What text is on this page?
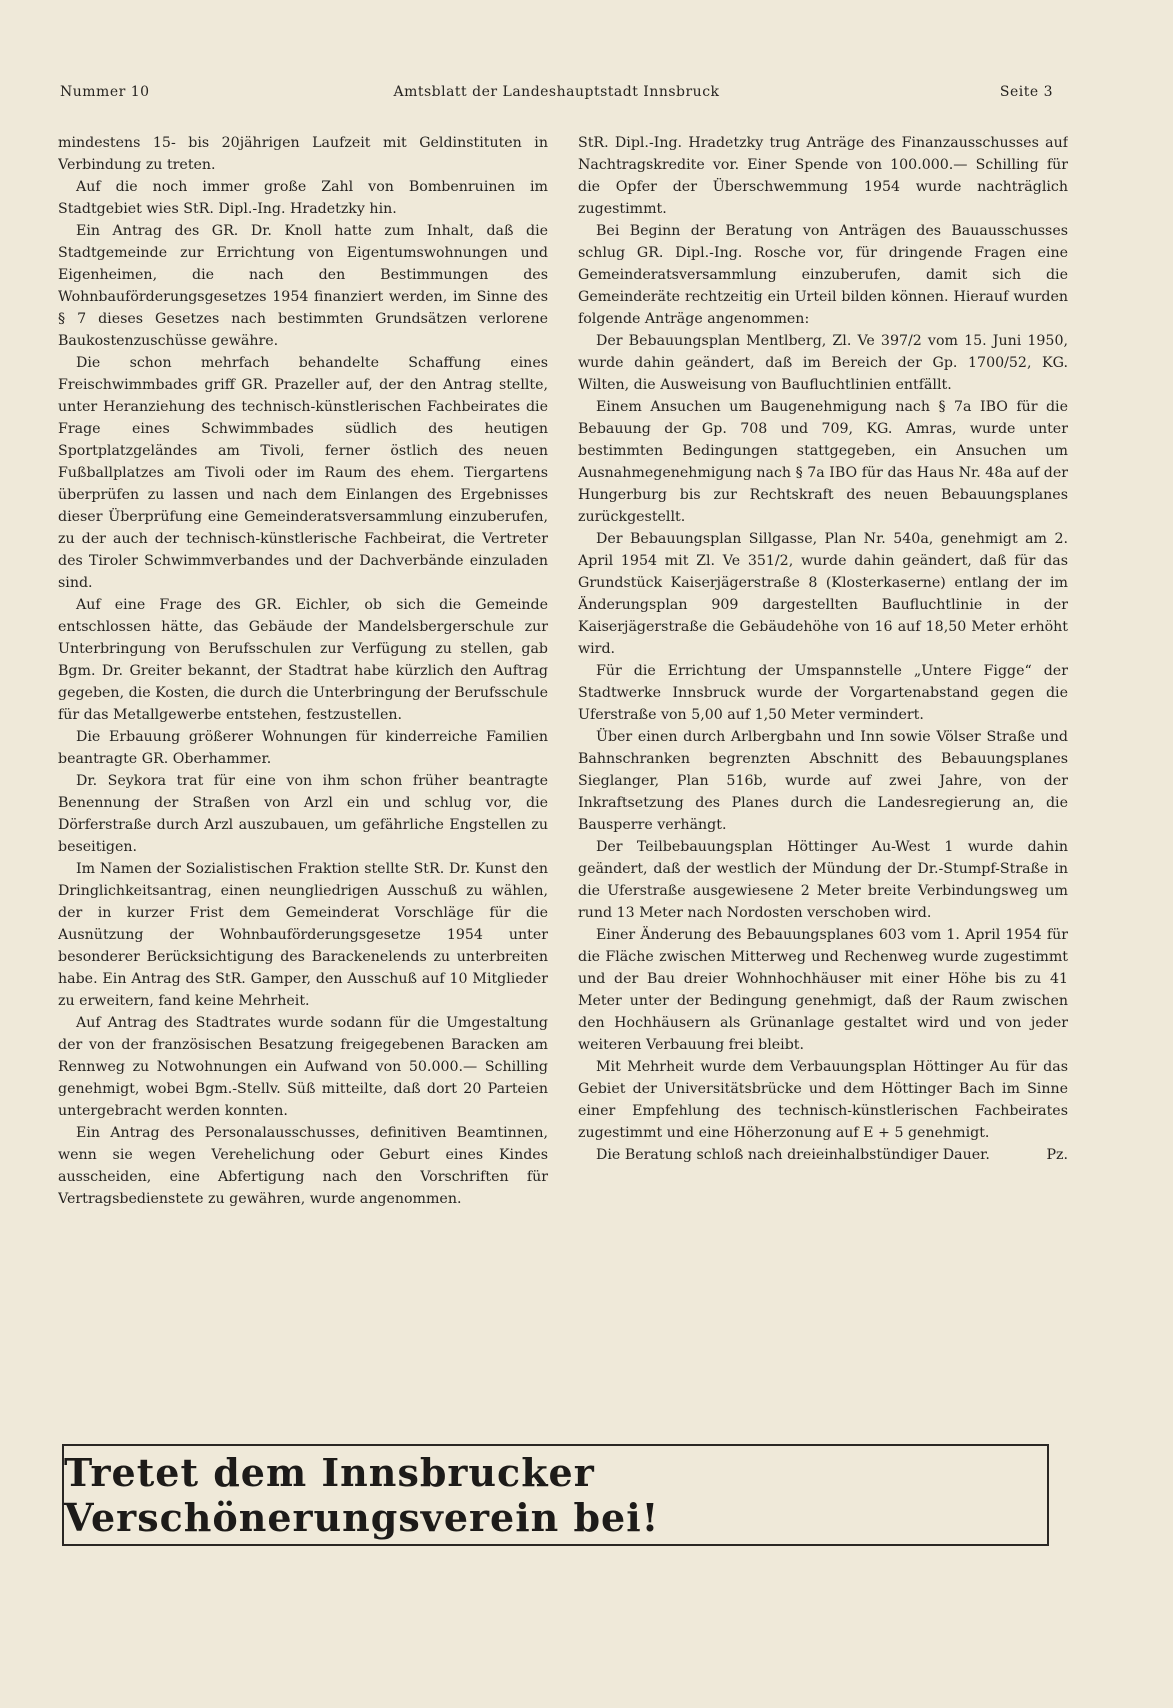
Nummer 10	Amtsblatt der Landeshauptstadt Innsbruck	Seite 3

mindestens 15- bis 20jährigen Laufzeit mit Geldinstituten in Verbindung zu treten.

Auf die noch immer große Zahl von Bombenruinen im Stadtgebiet wies StR. Dipl.-Ing. Hradetzky hin.

Ein Antrag des GR. Dr. Knoll hatte zum Inhalt, daß die Stadtgemeinde zur Errichtung von Eigentumswohnungen und Eigenheimen, die nach den Bestimmungen des Wohnbauförderungsgesetzes 1954 finanziert werden, im Sinne des § 7 dieses Gesetzes nach bestimmten Grundsätzen verlorene Baukostenzuschüsse gewähre.

Die schon mehrfach behandelte Schaffung eines Freischwimmbades griff GR. Prazeller auf, der den Antrag stellte, unter Heranziehung des technisch-künstlerischen Fachbeirates die Frage eines Schwimmbades südlich des heutigen Sportplatzgeländes am Tivoli, ferner östlich des neuen Fußballplatzes am Tivoli oder im Raum des ehem. Tiergartens überprüfen zu lassen und nach dem Einlangen des Ergebnisses dieser Überprüfung eine Gemeinderatsversammlung einzuberufen, zu der auch der technisch-künstlerische Fachbeirat, die Vertreter des Tiroler Schwimmverbandes und der Dachverbände einzuladen sind.

Auf eine Frage des GR. Eichler, ob sich die Gemeinde entschlossen hätte, das Gebäude der Mandelsbergerschule zur Unterbringung von Berufsschulen zur Verfügung zu stellen, gab Bgm. Dr. Greiter bekannt, der Stadtrat habe kürzlich den Auftrag gegeben, die Kosten, die durch die Unterbringung der Berufsschule für das Metallgewerbe entstehen, festzustellen.

Die Erbauung größerer Wohnungen für kinderreiche Familien beantragte GR. Oberhammer.

Dr. Seykora trat für eine von ihm schon früher beantragte Benennung der Straßen von Arzl ein und schlug vor, die Dörferstraße durch Arzl auszubauen, um gefährliche Engstellen zu beseitigen.

Im Namen der Sozialistischen Fraktion stellte StR. Dr. Kunst den Dringlichkeitsantrag, einen neungliedrigen Ausschuß zu wählen, der in kurzer Frist dem Gemeinderat Vorschläge für die Ausnützung der Wohnbauförderungsgesetze 1954 unter besonderer Berücksichtigung des Barackenelends zu unterbreiten habe. Ein Antrag des StR. Gamper, den Ausschuß auf 10 Mitglieder zu erweitern, fand keine Mehrheit.

Auf Antrag des Stadtrates wurde sodann für die Umgestaltung der von der französischen Besatzung freigegebenen Baracken am Rennweg zu Notwohnungen ein Aufwand von 50.000.— Schilling genehmigt, wobei Bgm.-Stellv. Süß mitteilte, daß dort 20 Parteien untergebracht werden konnten.

Ein Antrag des Personalausschusses, definitiven Beamtinnen, wenn sie wegen Verehelichung oder Geburt eines Kindes ausscheiden, eine Abfertigung nach den Vorschriften für Vertragsbedienstete zu gewähren, wurde angenommen.

StR. Dipl.-Ing. Hradetzky trug Anträge des Finanzausschusses auf Nachtragskredite vor. Einer Spende von 100.000.— Schilling für die Opfer der Überschwemmung 1954 wurde nachträglich zugestimmt.

Bei Beginn der Beratung von Anträgen des Bauausschusses schlug GR. Dipl.-Ing. Rosche vor, für dringende Fragen eine Gemeinderatsversammlung einzuberufen, damit sich die Gemeinderäte rechtzeitig ein Urteil bilden können. Hierauf wurden folgende Anträge angenommen:

Der Bebauungsplan Mentlberg, Zl. Ve 397/2 vom 15. Juni 1950, wurde dahin geändert, daß im Bereich der Gp. 1700/52, KG. Wilten, die Ausweisung von Baufluchtlinien entfällt.

Einem Ansuchen um Baugenehmigung nach § 7a IBO für die Bebauung der Gp. 708 und 709, KG. Amras, wurde unter bestimmten Bedingungen stattgegeben, ein Ansuchen um Ausnahmegenehmigung nach § 7a IBO für das Haus Nr. 48a auf der Hungerburg bis zur Rechtskraft des neuen Bebauungsplanes zurückgestellt.

Der Bebauungsplan Sillgasse, Plan Nr. 540a, genehmigt am 2. April 1954 mit Zl. Ve 351/2, wurde dahin geändert, daß für das Grundstück Kaiserjägerstraße 8 (Klosterkaserne) entlang der im Änderungsplan 909 dargestellten Baufluchtlinie in der Kaiserjägerstraße die Gebäudehöhe von 16 auf 18,50 Meter erhöht wird.

Für die Errichtung der Umspannstelle „Untere Figge“ der Stadtwerke Innsbruck wurde der Vorgartenabstand gegen die Uferstraße von 5,00 auf 1,50 Meter vermindert.

Über einen durch Arlbergbahn und Inn sowie Völser Straße und Bahnschranken begrenzten Abschnitt des Bebauungsplanes Sieglanger, Plan 516b, wurde auf zwei Jahre, von der Inkraftsetzung des Planes durch die Landesregierung an, die Bausperre verhängt.

Der Teilbebauungsplan Höttinger Au-West 1 wurde dahin geändert, daß der westlich der Mündung der Dr.-Stumpf-Straße in die Uferstraße ausgewiesene 2 Meter breite Verbindungsweg um rund 13 Meter nach Nordosten verschoben wird.

Einer Änderung des Bebauungsplanes 603 vom 1. April 1954 für die Fläche zwischen Mitterweg und Rechenweg wurde zugestimmt und der Bau dreier Wohnhochhäuser mit einer Höhe bis zu 41 Meter unter der Bedingung genehmigt, daß der Raum zwischen den Hochhäusern als Grünanlage gestaltet wird und von jeder weiteren Verbauung frei bleibt.

Mit Mehrheit wurde dem Verbauungsplan Höttinger Au für das Gebiet der Universitätsbrücke und dem Höttinger Bach im Sinne einer Empfehlung des technisch-künstlerischen Fachbeirates zugestimmt und eine Höherzonung auf E + 5 genehmigt.

Die Beratung schloß nach dreieinhalbstündiger Dauer.	Pz.

Tretet dem Innsbrucker Verschönerungsverein bei!
